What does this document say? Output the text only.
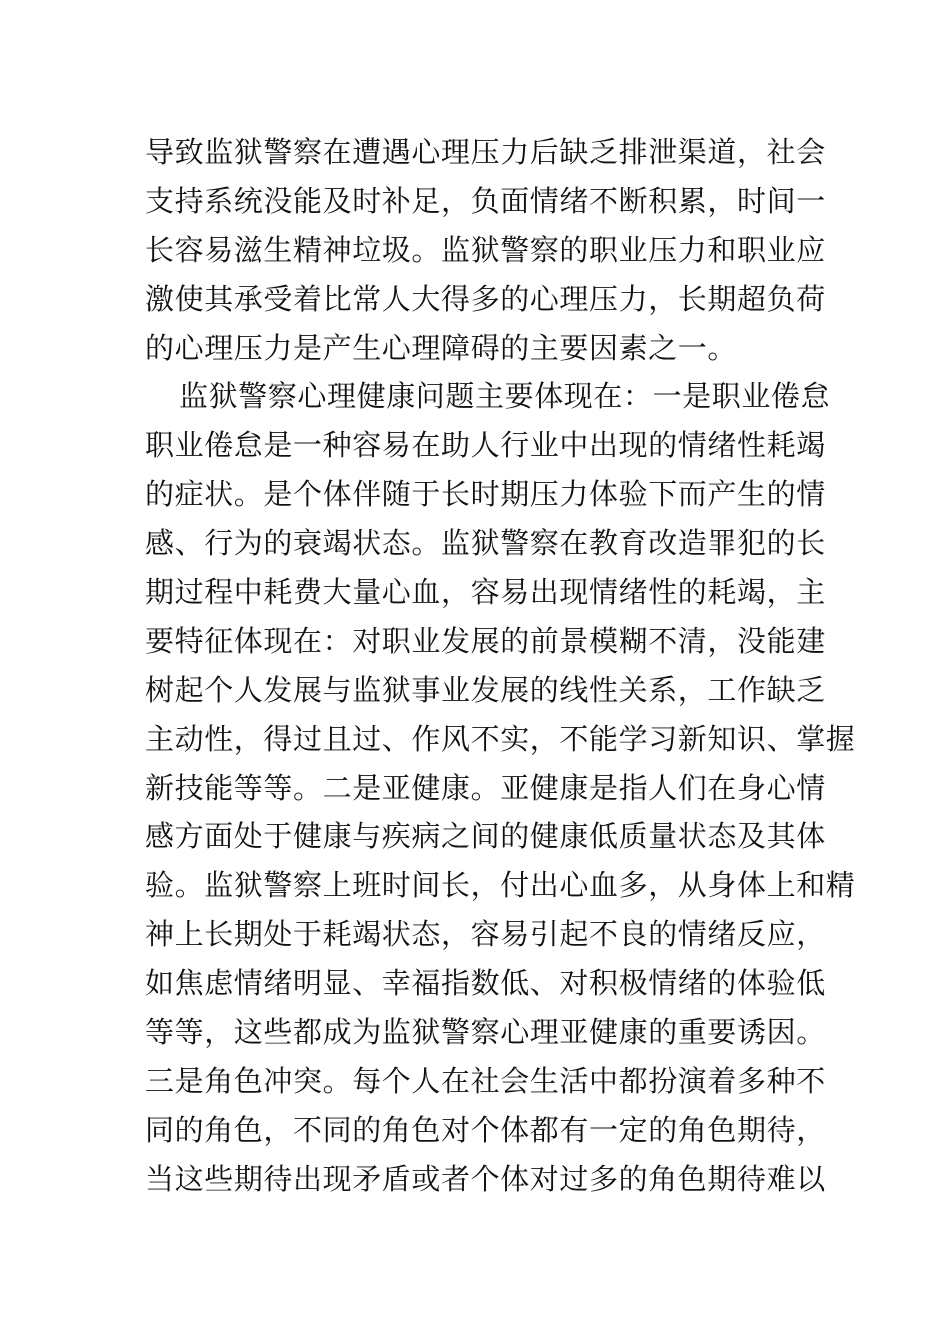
导致监狱警察在遭遇心理压力后缺乏排泄渠道，社会
支持系统没能及时补足，负面情绪不断积累，时间一
长容易滋生精神垃圾。监狱警察的职业压力和职业应
激使其承受着比常人大得多的心理压力，长期超负荷
的心理压力是产生心理障碍的主要因素之一。
监狱警察心理健康问题主要体现在：一是职业倦怠
职业倦怠是一种容易在助人行业中出现的情绪性耗竭
的症状。是个体伴随于长时期压力体验下而产生的情
感、行为的衰竭状态。监狱警察在教育改造罪犯的长
期过程中耗费大量心血，容易出现情绪性的耗竭，主
要特征体现在：对职业发展的前景模糊不清，没能建
树起个人发展与监狱事业发展的线性关系，工作缺乏
主动性，得过且过、作风不实，不能学习新知识、掌握
新技能等等。二是亚健康。亚健康是指人们在身心情
感方面处于健康与疾病之间的健康低质量状态及其体
验。监狱警察上班时间长，付出心血多，从身体上和精
神上长期处于耗竭状态，容易引起不良的情绪反应，
如焦虑情绪明显、幸福指数低、对积极情绪的体验低
等等，这些都成为监狱警察心理亚健康的重要诱因。
三是角色冲突。每个人在社会生活中都扮演着多种不
同的角色，不同的角色对个体都有一定的角色期待，
当这些期待出现矛盾或者个体对过多的角色期待难以
